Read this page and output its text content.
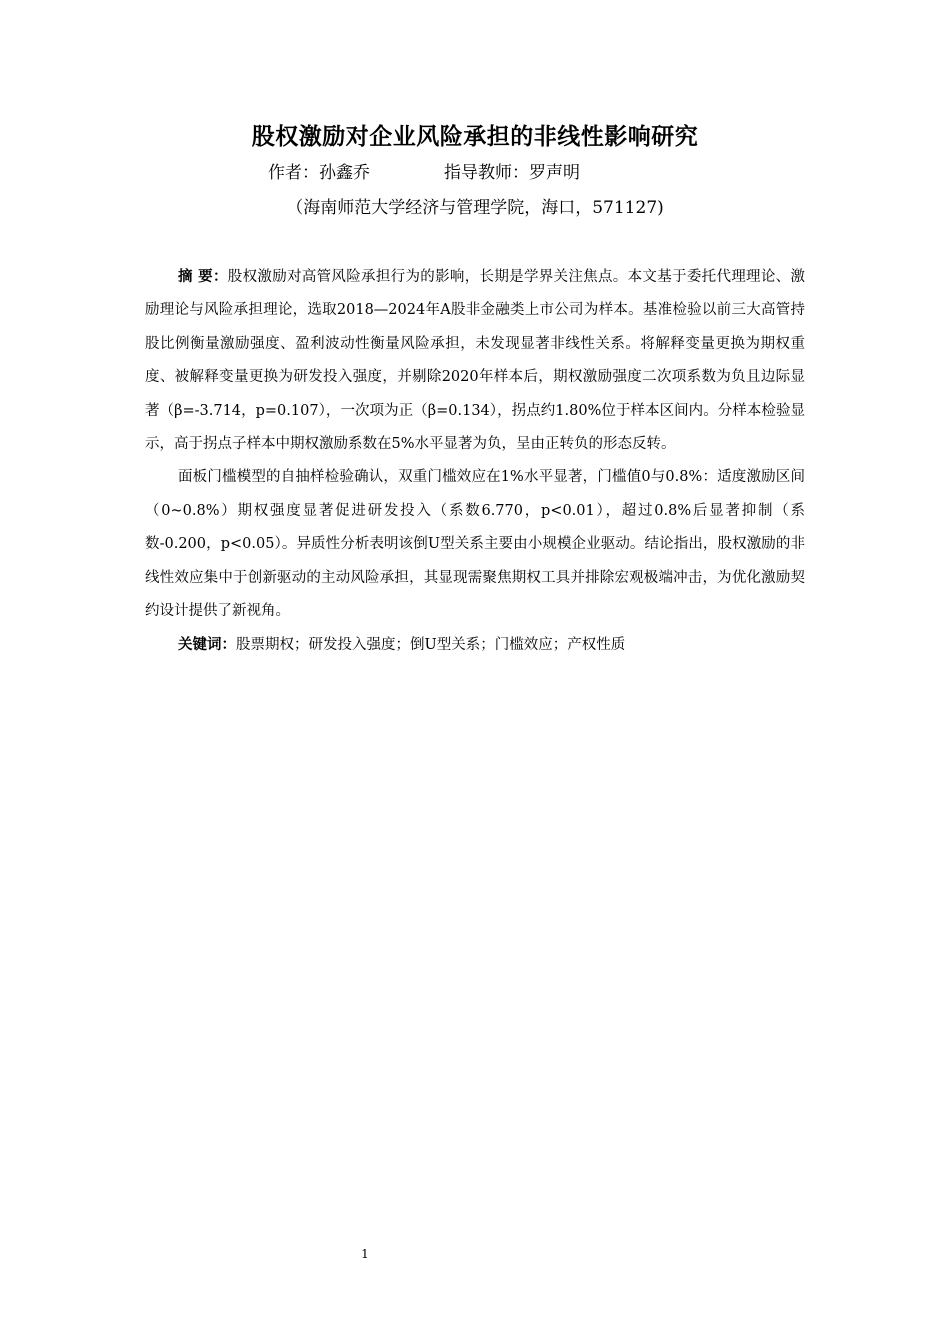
股权激励对企业风险承担的非线性影响研究
作者：孙鑫乔	指导教师：罗声明
（海南师范大学经济与管理学院，海口，571127)

摘 要：股权激励对高管风险承担行为的影响，长期是学界关注焦点。本文基于委托代理理论、激励理论与风险承担理论，选取2018—2024年A股非金融类上市公司为样本。基准检验以前三大高管持股比例衡量激励强度、盈利波动性衡量风险承担，未发现显著非线性关系。将解释变量更换为期权重度、被解释变量更换为研发投入强度，并剔除2020年样本后，期权激励强度二次项系数为负且边际显著（β=-3.714，p=0.107），一次项为正（β=0.134），拐点约1.80%位于样本区间内。分样本检验显示，高于拐点子样本中期权激励系数在5%水平显著为负，呈由正转负的形态反转。

面板门槛模型的自抽样检验确认，双重门槛效应在1%水平显著，门槛值0与0.8%：适度激励区间（0~0.8%）期权强度显著促进研发投入（系数6.770，p<0.01），超过0.8%后显著抑制（系数-0.200，p<0.05）。异质性分析表明该倒U型关系主要由小规模企业驱动。结论指出，股权激励的非线性效应集中于创新驱动的主动风险承担，其显现需聚焦期权工具并排除宏观极端冲击，为优化激励契约设计提供了新视角。

关键词：股票期权；研发投入强度；倒U型关系；门槛效应；产权性质

1
